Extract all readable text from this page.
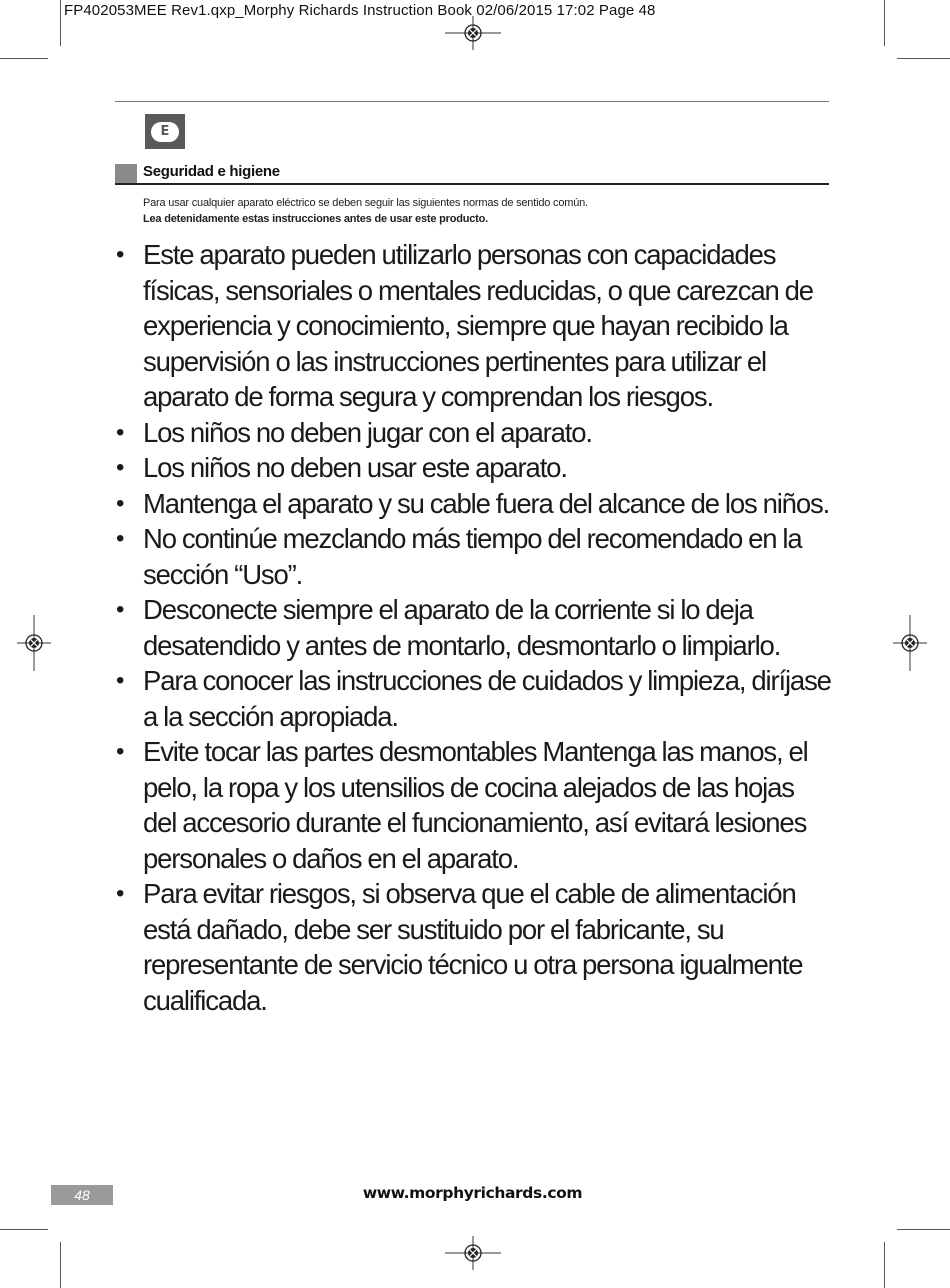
FP402053MEE Rev1.qxp_Morphy Richards Instruction Book 02/06/2015 17:02 Page 48
E
Seguridad e higiene
Para usar cualquier aparato eléctrico se deben seguir las siguientes normas de sentido común.
Lea detenidamente estas instrucciones antes de usar este producto.
• Este aparato pueden utilizarlo personas con capacidades físicas, sensoriales o mentales reducidas, o que carezcan de experiencia y conocimiento, siempre que hayan recibido la supervisión o las instrucciones pertinentes para utilizar el aparato de forma segura y comprendan los riesgos.
• Los niños no deben jugar con el aparato.
• Los niños no deben usar este aparato.
• Mantenga el aparato y su cable fuera del alcance de los niños.
• No continúe mezclando más tiempo del recomendado en la sección “Uso”.
• Desconecte siempre el aparato de la corriente si lo deja desatendido y antes de montarlo, desmontarlo o limpiarlo.
• Para conocer las instrucciones de cuidados y limpieza, diríjase a la sección apropiada.
• Evite tocar las partes desmontables Mantenga las manos, el pelo, la ropa y los utensilios de cocina alejados de las hojas del accesorio durante el funcionamiento, así evitará lesiones personales o daños en el aparato.
• Para evitar riesgos, si observa que el cable de alimentación está dañado, debe ser sustituido por el fabricante, su representante de servicio técnico u otra persona igualmente cualificada.
48	www.morphyrichards.com
